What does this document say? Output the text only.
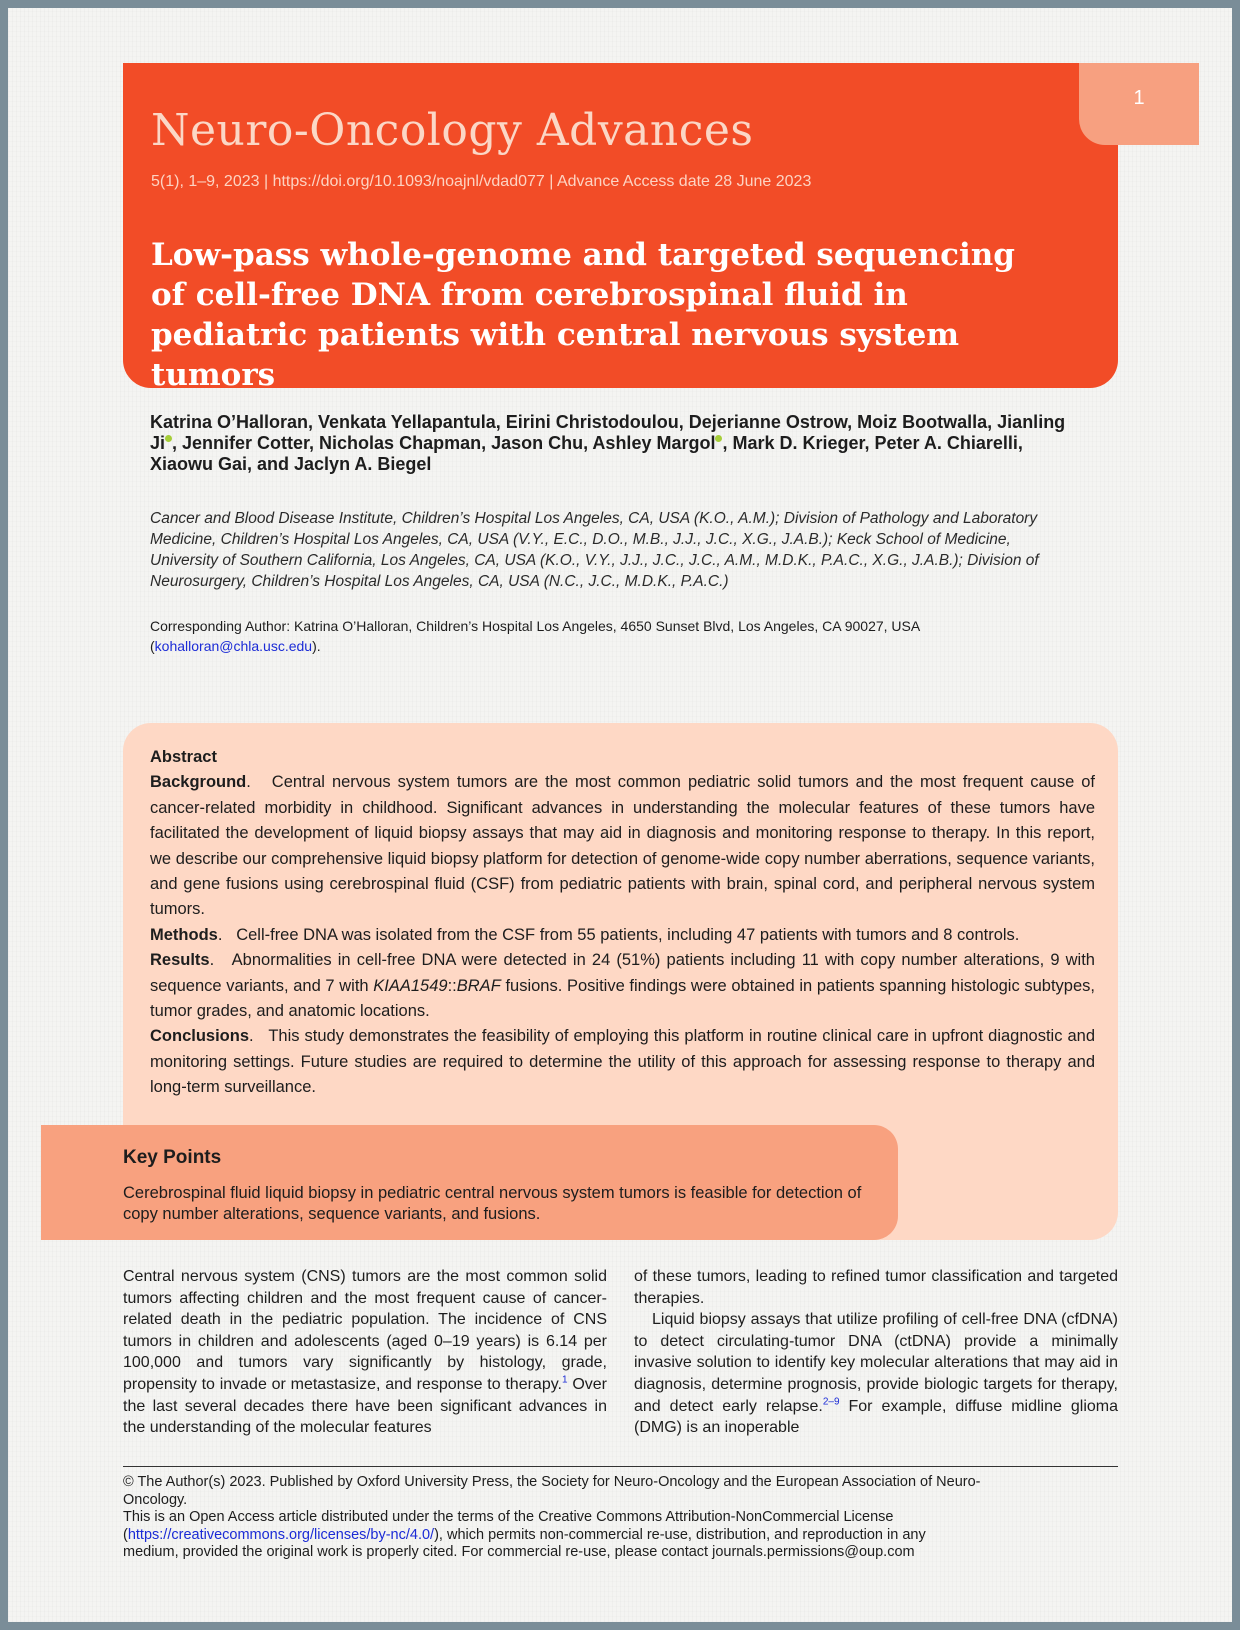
Neuro-Oncology Advances
5(1), 1–9, 2023 | https://doi.org/10.1093/noajnl/vdad077 | Advance Access date 28 June 2023
Low-pass whole-genome and targeted sequencing of cell-free DNA from cerebrospinal fluid in pediatric patients with central nervous system tumors
1
Katrina O’Halloran, Venkata Yellapantula, Eirini Christodoulou, Dejerianne Ostrow, Moiz Bootwalla, Jianling Ji , Jennifer Cotter, Nicholas Chapman, Jason Chu, Ashley Margol , Mark D. Krieger, Peter A. Chiarelli, Xiaowu Gai, and Jaclyn A. Biegel
Cancer and Blood Disease Institute, Children’s Hospital Los Angeles, CA, USA (K.O., A.M.); Division of Pathology and Laboratory Medicine, Children’s Hospital Los Angeles, CA, USA (V.Y., E.C., D.O., M.B., J.J., J.C., X.G., J.A.B.); Keck School of Medicine, University of Southern California, Los Angeles, CA, USA (K.O., V.Y., J.J., J.C., J.C., A.M., M.D.K., P.A.C., X.G., J.A.B.); Division of Neurosurgery, Children’s Hospital Los Angeles, CA, USA (N.C., J.C., M.D.K., P.A.C.)
Corresponding Author: Katrina O’Halloran, Children’s Hospital Los Angeles, 4650 Sunset Blvd, Los Angeles, CA 90027, USA (kohalloran@chla.usc.edu).
Abstract
Background.   Central nervous system tumors are the most common pediatric solid tumors and the most frequent cause of cancer-related morbidity in childhood. Significant advances in understanding the molecular features of these tumors have facilitated the development of liquid biopsy assays that may aid in diagnosis and monitoring response to therapy. In this report, we describe our comprehensive liquid biopsy platform for detection of genome-wide copy number aberrations, sequence variants, and gene fusions using cerebrospinal fluid (CSF) from pediatric patients with brain, spinal cord, and peripheral nervous system tumors.
Methods.   Cell-free DNA was isolated from the CSF from 55 patients, including 47 patients with tumors and 8 controls.
Results.   Abnormalities in cell-free DNA were detected in 24 (51%) patients including 11 with copy number alterations, 9 with sequence variants, and 7 with KIAA1549::BRAF fusions. Positive findings were obtained in patients spanning histologic subtypes, tumor grades, and anatomic locations.
Conclusions.   This study demonstrates the feasibility of employing this platform in routine clinical care in upfront diagnostic and monitoring settings. Future studies are required to determine the utility of this approach for assessing response to therapy and long-term surveillance.
Key Points
Cerebrospinal fluid liquid biopsy in pediatric central nervous system tumors is feasible for detection of copy number alterations, sequence variants, and fusions.

Central nervous system (CNS) tumors are the most common solid tumors affecting children and the most frequent cause of cancer-related death in the pediatric population. The incidence of CNS tumors in children and adolescents (aged 0–19 years) is 6.14 per 100,000 and tumors vary significantly by histology, grade, propensity to invade or metastasize, and response to therapy.$^1$ Over the last several decades there have been significant advances in the understanding of the molecular features

of these tumors, leading to refined tumor classification and targeted therapies.

Liquid biopsy assays that utilize profiling of cell-free DNA (cfDNA) to detect circulating-tumor DNA (ctDNA) provide a minimally invasive solution to identify key molecular alterations that may aid in diagnosis, determine prognosis, provide biologic targets for therapy, and detect early relapse.$^{2-9}$ For example, diffuse midline glioma (DMG) is an inoperable

© The Author(s) 2023. Published by Oxford University Press, the Society for Neuro-Oncology and the European Association of Neuro-Oncology.

This is an Open Access article distributed under the terms of the Creative Commons Attribution-NonCommercial License (https://creativecommons.org/licenses/by-nc/4.0/), which permits non-commercial re-use, distribution, and reproduction in any medium, provided the original work is properly cited. For commercial re-use, please contact journals.permissions@oup.com
